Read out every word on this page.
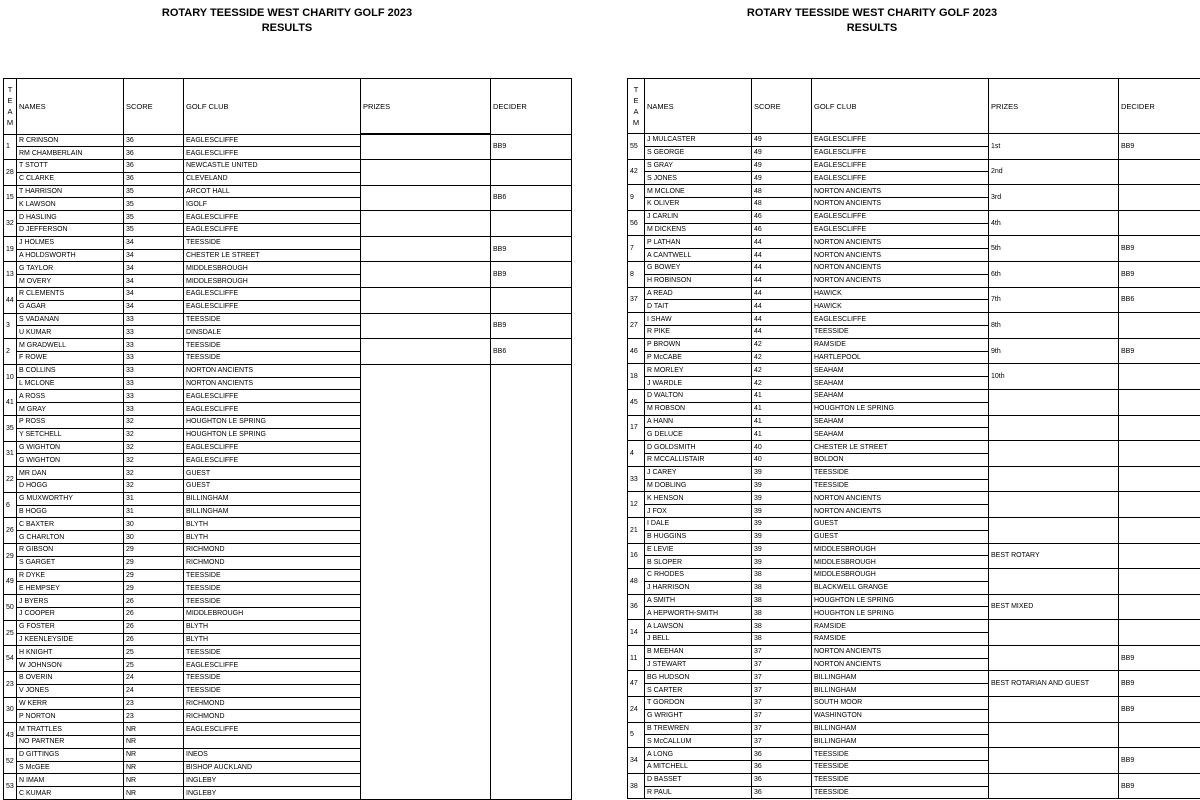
ROTARY TEESSIDE WEST CHARITY GOLF 2023
RESULTS
T
E
A
M	NAMES	SCORE	GOLF CLUB	PRIZES	DECIDER
1	R CRINSON	36	EAGLESCLIFFE		BB9
	RM CHAMBERLAIN	36	EAGLESCLIFFE		
28	T STOTT	36	NEWCASTLE UNITED		
	C CLARKE	36	CLEVELAND		
15	T HARRISON	35	ARCOT HALL		BB6
	K LAWSON	35	IGOLF		
32	D HASLING	35	EAGLESCLIFFE		
	D JEFFERSON	35	EAGLESCLIFFE		
19	J HOLMES	34	TEESSIDE		BB9
	A HOLDSWORTH	34	CHESTER LE STREET		
13	G TAYLOR	34	MIDDLESBROUGH		BB9
	M OVERY	34	MIDDLESBROUGH		
44	R CLEMENTS	34	EAGLESCLIFFE		
	G AGAR	34	EAGLESCLIFFE		
3	S VADANAN	33	TEESSIDE		BB9
	U KUMAR	33	DINSDALE		
2	M GRADWELL	33	TEESSIDE		BB6
	F ROWE	33	TEESSIDE		
10	B COLLINS	33	NORTON ANCIENTS		
	L MCLONE	33	NORTON ANCIENTS		
41	A ROSS	33	EAGLESCLIFFE		
	M GRAY	33	EAGLESCLIFFE		
35	P ROSS	32	HOUGHTON LE SPRING		
	Y SETCHELL	32	HOUGHTON LE SPRING		
31	G WIGHTON	32	EAGLESCLIFFE		
	G WIGHTON	32	EAGLESCLIFFE		
22	MR DAN	32	GUEST		
	D HOGG	32	GUEST		
6	G MUXWORTHY	31	BILLINGHAM		
	B HOGG	31	BILLINGHAM		
26	C BAXTER	30	BLYTH		
	G CHARLTON	30	BLYTH		
29	R GIBSON	29	RICHMOND		
	S GARGET	29	RICHMOND		
49	R DYKE	29	TEESSIDE		
	E HEMPSEY	29	TEESSIDE		
50	J BYERS	26	TEESSIDE		
	J COOPER	26	MIDDLEBROUGH		
25	G FOSTER	26	BLYTH		
	J KEENLEYSIDE	26	BLYTH		
54	H KNIGHT	25	TEESSIDE		
	W JOHNSON	25	EAGLESCLIFFE		
23	B OVERIN	24	TEESSIDE		
	V JONES	24	TEESSIDE		
30	W KERR	23	RICHMOND		
	P NORTON	23	RICHMOND		
43	M TRATTLES	NR	EAGLESCLIFFE		
	NO PARTNER	NR			
52	D GITTINGS	NR	INEOS		
	S McGEE	NR	BISHOP AUCKLAND		
53	N IMAM	NR	INGLEBY		
	C KUMAR	NR	INGLEBY		
ROTARY TEESSIDE WEST CHARITY GOLF 2023
RESULTS
T
E
A
M	NAMES	SCORE	GOLF CLUB	PRIZES	DECIDER
55	J MULCASTER	49	EAGLESCLIFFE	1st	BB9
	S GEORGE	49	EAGLESCLIFFE		
42	S GRAY	49	EAGLESCLIFFE	2nd	
	S JONES	49	EAGLESCLIFFE		
9	M MCLONE	48	NORTON ANCIENTS	3rd	
	K OLIVER	48	NORTON ANCIENTS		
56	J CARLIN	46	EAGLESCLIFFE	4th	
	M DICKENS	46	EAGLESCLIFFE		
7	P LATHAN	44	NORTON ANCIENTS	5th	BB9
	A CANTWELL	44	NORTON ANCIENTS		
8	G BOWEY	44	NORTON ANCIENTS	6th	BB9
	H ROBINSON	44	NORTON ANCIENTS		
37	A READ	44	HAWICK	7th	BB6
	D TAIT	44	HAWICK		
27	I SHAW	44	EAGLESCLIFFE	8th	
	R PIKE	44	TEESSIDE		
46	P BROWN	42	RAMSIDE	9th	BB9
	P McCABE	42	HARTLEPOOL		
18	R MORLEY	42	SEAHAM	10th	
	J WARDLE	42	SEAHAM		
45	D WALTON	41	SEAHAM		
	M ROBSON	41	HOUGHTON LE SPRING		
17	A HANN	41	SEAHAM		
	G DELUCE	41	SEAHAM		
4	D GOLDSMITH	40	CHESTER LE STREET		
	R MCCALLISTAIR	40	BOLDON		
33	J CAREY	39	TEESSIDE		
	M DOBLING	39	TEESSIDE		
12	K HENSON	39	NORTON ANCIENTS		
	J FOX	39	NORTON ANCIENTS		
21	I DALE	39	GUEST		
	B HUGGINS	39	GUEST		
16	E LEVIE	39	MIDDLESBROUGH	BEST ROTARY	
	B SLOPER	39	MIDDLESBROUGH		
48	C RHODES	38	MIDDLESBROUGH		
	J HARRISON	38	BLACKWELL GRANGE		
36	A SMITH	38	HOUGHTON LE SPRING	BEST MIXED	
	A HEPWORTH-SMITH	38	HOUGHTON LE SPRING		
14	A LAWSON	38	RAMSIDE		
	J BELL	38	RAMSIDE		
11	B MEEHAN	37	NORTON ANCIENTS		BB9
	J STEWART	37	NORTON ANCIENTS		
47	BG HUDSON	37	BILLINGHAM	BEST ROTARIAN AND GUEST	BB9
	S CARTER	37	BILLINGHAM		
24	T GORDON	37	SOUTH MOOR		BB9
	G WRIGHT	37	WASHINGTON		
5	B TREWREN	37	BILLINGHAM		
	S McCALLUM	37	BILLINGHAM		
34	A LONG	36	TEESSIDE		BB9
	A MITCHELL	36	TEESSIDE		
38	D BASSET	36	TEESSIDE		BB9
	R PAUL	36	TEESSIDE		
